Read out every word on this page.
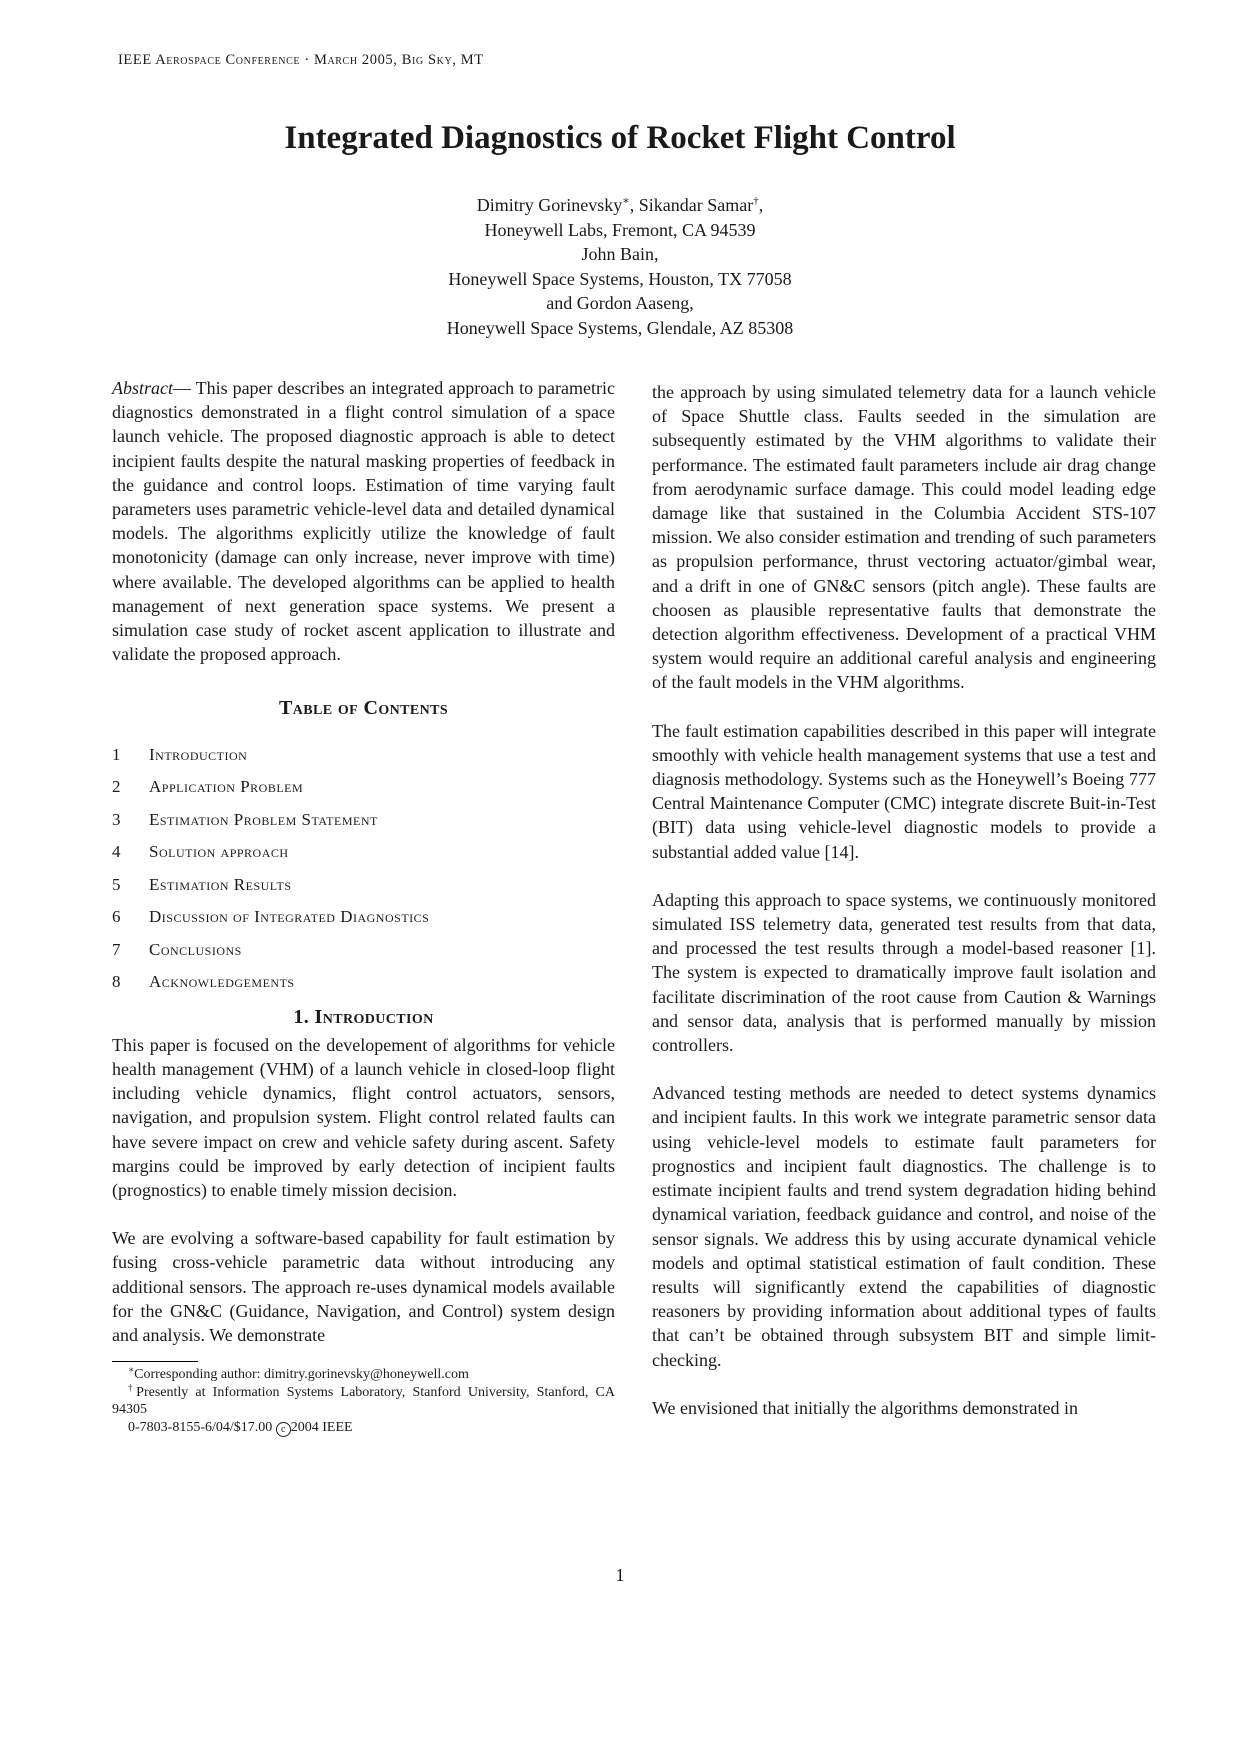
IEEE Aerospace Conference · March 2005, Big Sky, MT
Integrated Diagnostics of Rocket Flight Control
Dimitry Gorinevsky∗, Sikandar Samar†,
Honeywell Labs, Fremont, CA 94539
John Bain,
Honeywell Space Systems, Houston, TX 77058
and Gordon Aaseng,
Honeywell Space Systems, Glendale, AZ 85308

Abstract— This paper describes an integrated approach to parametric diagnostics demonstrated in a flight control simulation of a space launch vehicle. The proposed diagnostic approach is able to detect incipient faults despite the natural masking properties of feedback in the guidance and control loops. Estimation of time varying fault parameters uses parametric vehicle-level data and detailed dynamical models. The algorithms explicitly utilize the knowledge of fault monotonicity (damage can only increase, never improve with time) where available. The developed algorithms can be applied to health management of next generation space systems. We present a simulation case study of rocket ascent application to illustrate and validate the proposed approach.

Table of Contents
1	Introduction
2	Application Problem
3	Estimation Problem Statement
4	Solution approach
5	Estimation Results
6	Discussion of Integrated Diagnostics
7	Conclusions
8	Acknowledgements
1. Introduction

This paper is focused on the developement of algorithms for vehicle health management (VHM) of a launch vehicle in closed-loop flight including vehicle dynamics, flight control actuators, sensors, navigation, and propulsion system. Flight control related faults can have severe impact on crew and vehicle safety during ascent. Safety margins could be improved by early detection of incipient faults (prognostics) to enable timely mission decision.

We are evolving a software-based capability for fault estimation by fusing cross-vehicle parametric data without introducing any additional sensors. The approach re-uses dynamical models available for the GN&C (Guidance, Navigation, and Control) system design and analysis. We demonstrate

∗Corresponding author: dimitry.gorinevsky@honeywell.com
†Presently at Information Systems Laboratory, Stanford University, Stanford, CA 94305
0-7803-8155-6/04/$17.00 c 2004 IEEE

the approach by using simulated telemetry data for a launch vehicle of Space Shuttle class. Faults seeded in the simulation are subsequently estimated by the VHM algorithms to validate their performance. The estimated fault parameters include air drag change from aerodynamic surface damage. This could model leading edge damage like that sustained in the Columbia Accident STS-107 mission. We also consider estimation and trending of such parameters as propulsion performance, thrust vectoring actuator/gimbal wear, and a drift in one of GN&C sensors (pitch angle). These faults are choosen as plausible representative faults that demonstrate the detection algorithm effectiveness. Development of a practical VHM system would require an additional careful analysis and engineering of the fault models in the VHM algorithms.

The fault estimation capabilities described in this paper will integrate smoothly with vehicle health management systems that use a test and diagnosis methodology. Systems such as the Honeywell’s Boeing 777 Central Maintenance Computer (CMC) integrate discrete Buit-in-Test (BIT) data using vehicle-level diagnostic models to provide a substantial added value [14].

Adapting this approach to space systems, we continuously monitored simulated ISS telemetry data, generated test results from that data, and processed the test results through a model-based reasoner [1]. The system is expected to dramatically improve fault isolation and facilitate discrimination of the root cause from Caution & Warnings and sensor data, analysis that is performed manually by mission controllers.

Advanced testing methods are needed to detect systems dynamics and incipient faults. In this work we integrate parametric sensor data using vehicle-level models to estimate fault parameters for prognostics and incipient fault diagnostics. The challenge is to estimate incipient faults and trend system degradation hiding behind dynamical variation, feedback guidance and control, and noise of the sensor signals. We address this by using accurate dynamical vehicle models and optimal statistical estimation of fault condition. These results will significantly extend the capabilities of diagnostic reasoners by providing information about additional types of faults that can’t be obtained through subsystem BIT and simple limit-checking.

We envisioned that initially the algorithms demonstrated in

1
